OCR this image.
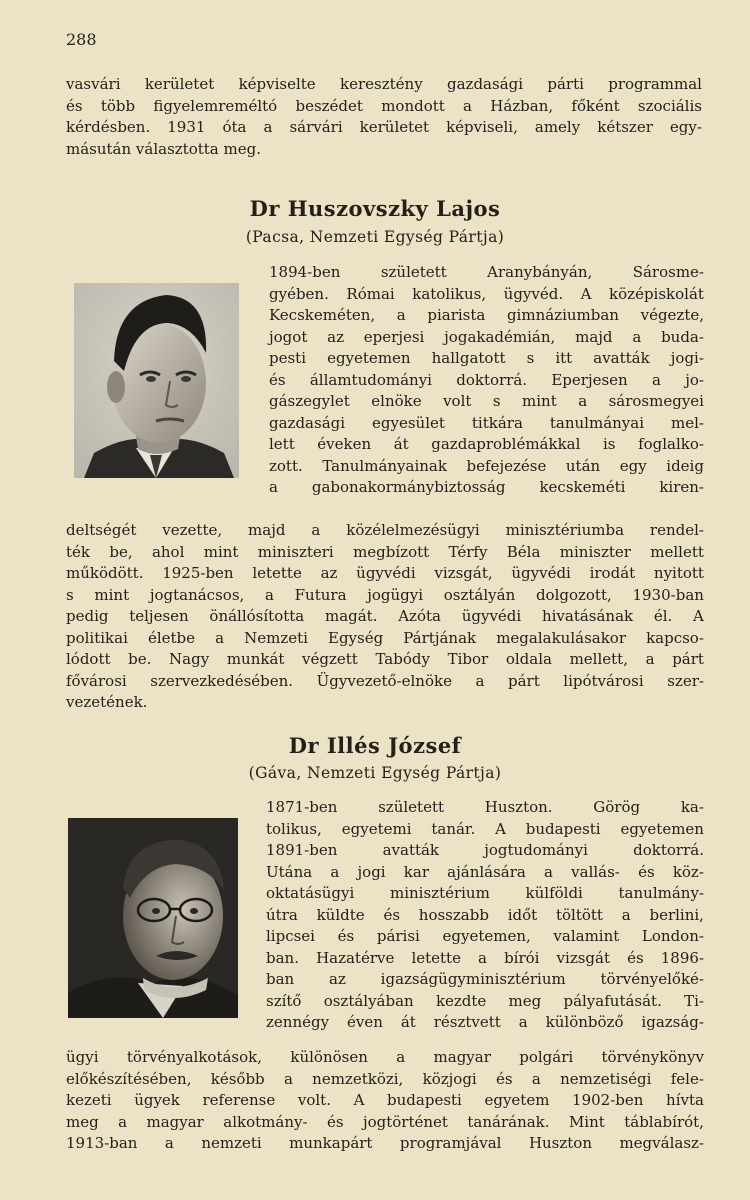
288
vasvári kerületet képviselte keresztény gazdasági párti programmal
és több figyelemreméltó beszédet mondott a Házban, főként szociális
kérdésben. 1931 óta a sárvári kerületet képviseli, amely kétszer egy-
másután választotta meg.
Dr Huszovszky Lajos
(Pacsa, Nemzeti Egység Pártja)
1894-ben	született	Aranybányán,	Sárosme-
gyében. Római katolikus, ügyvéd. A középiskolát
Kecskeméten, a piarista gimnáziumban végezte,
jogot az eperjesi jogakadémián, majd a buda-
pesti egyetemen hallgatott s itt avatták jogi-
és államtudományi doktorrá. Eperjesen a jo-
gászegylet elnöke volt s mint a sárosmegyei
gazdasági egyesület titkára tanulmányai mel-
lett éveken át gazdaproblémákkal is foglalko-
zott. Tanulmányainak befejezése után egy ideig
a gabonakormánybiztosság kecskeméti kiren-
deltségét vezette, majd a közélelmezésügyi minisztériumba rendel-
ték be, ahol mint miniszteri megbízott Térfy Béla miniszter mellett
működött. 1925-ben letette az ügyvédi vizsgát, ügyvédi irodát nyitott
s mint jogtanácsos, a Futura jogügyi osztályán dolgozott, 1930-ban
pedig teljesen önállósította magát. Azóta ügyvédi hivatásának él. A
politikai életbe a Nemzeti Egység Pártjának megalakulásakor kapcso-
lódott be. Nagy munkát végzett Tabódy Tibor oldala mellett, a párt
fővárosi szervezkedésében. Ügyvezető-elnöke a párt lipótvárosi szer-
vezetének.
Dr Illés József
(Gáva, Nemzeti Egység Pártja)
1871-ben	született	Huszton.	Görög	ka-
tolikus, egyetemi tanár. A budapesti egyetemen
1891-ben	avatták	jogtudományi	doktorrá.
Utána a jogi kar ajánlására a vallás- és köz-
oktatásügyi minisztérium külföldi tanulmány-
útra küldte és hosszabb időt töltött a berlini,
lipcsei és párisi egyetemen, valamint London-
ban. Hazatérve letette a bírói vizsgát és 1896-
ban az igazságügyminisztérium törvényelőké-
szítő osztályában kezdte meg pályafutását. Ti-
zennégy éven át résztvett a különböző igazság-
ügyi törvényalkotások, különösen a magyar polgári törvénykönyv
előkészítésében, később a nemzetközi, közjogi és a nemzetiségi fele-
kezeti ügyek referense volt. A budapesti egyetem 1902-ben hívta
meg a magyar alkotmány- és jogtörténet tanárának. Mint táblabírót,
1913-ban a nemzeti munkapárt programjával Huszton megválasz-
